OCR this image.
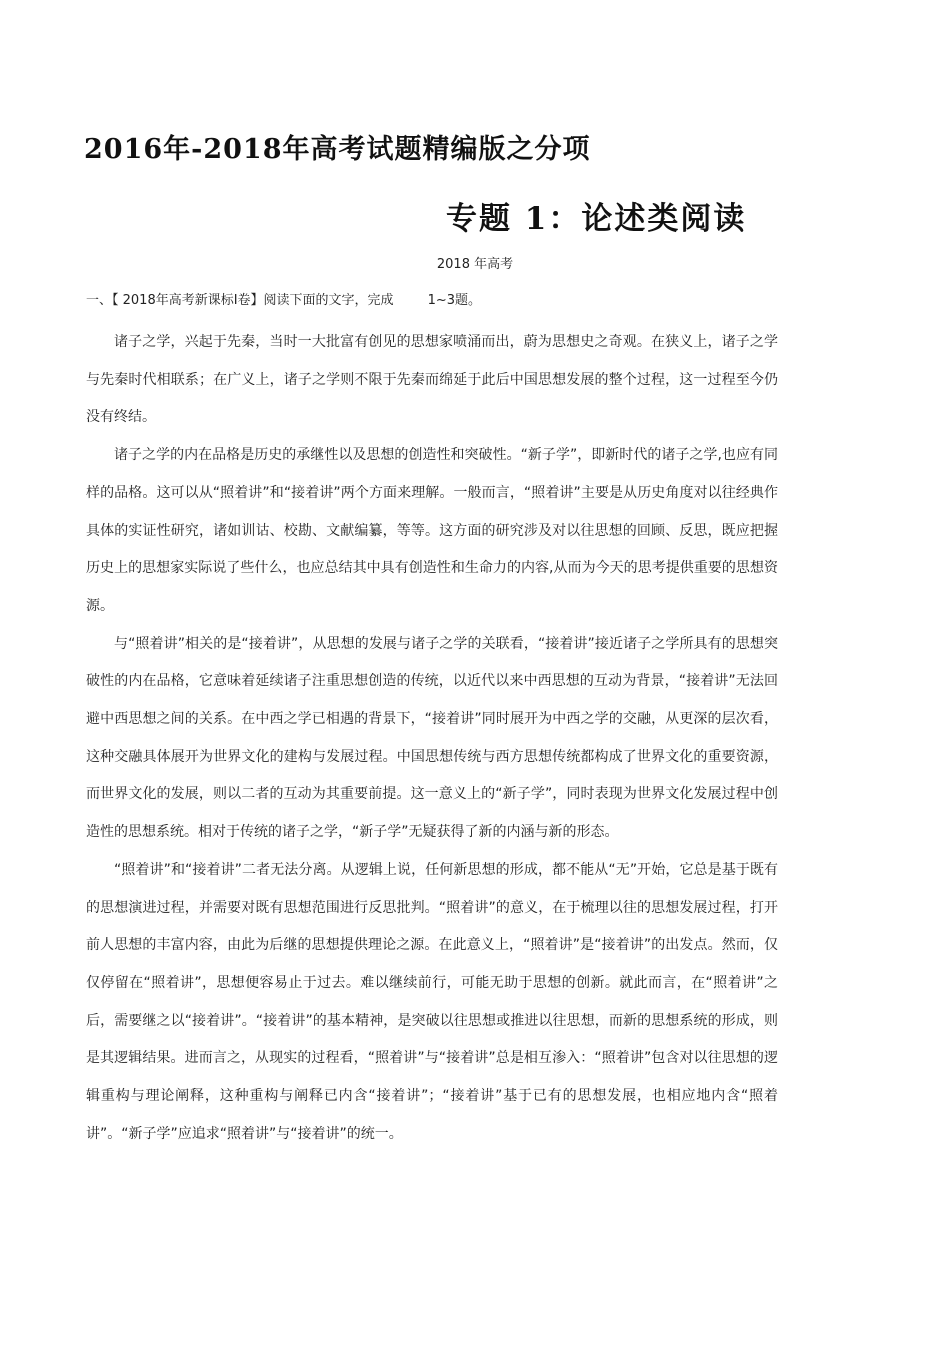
2016年-2018年高考试题精编版之分项
专题 1：论述类阅读
2018 年高考
一、【 2018年高考新课标Ⅰ卷】阅读下面的文字，完成	1~3题。

诸子之学，兴起于先秦，当时一大批富有创见的思想家喷涌而出，蔚为思想史之奇观。在狭义上，诸子之学与先秦时代相联系；在广义上，诸子之学则不限于先秦而绵延于此后中国思想发展的整个过程，这一过程至今仍没有终结。

诸子之学的内在品格是历史的承继性以及思想的创造性和突破性。“新子学”，即新时代的诸子之学,也应有同样的品格。这可以从“照着讲”和“接着讲”两个方面来理解。一般而言，“照着讲”主要是从历史角度对以往经典作具体的实证性研究，诸如训诂、校勘、文献编纂，等等。这方面的研究涉及对以往思想的回顾、反思，既应把握历史上的思想家实际说了些什么，也应总结其中具有创造性和生命力的内容,从而为今天的思考提供重要的思想资源。

与“照着讲”相关的是“接着讲”，从思想的发展与诸子之学的关联看，“接着讲”接近诸子之学所具有的思想突破性的内在品格，它意味着延续诸子注重思想创造的传统，以近代以来中西思想的互动为背景，“接着讲”无法回避中西思想之间的关系。在中西之学已相遇的背景下，“接着讲”同时展开为中西之学的交融，从更深的层次看，这种交融具体展开为世界文化的建构与发展过程。中国思想传统与西方思想传统都构成了世界文化的重要资源，而世界文化的发展，则以二者的互动为其重要前提。这一意义上的“新子学”，同时表现为世界文化发展过程中创造性的思想系统。相对于传统的诸子之学，“新子学”无疑获得了新的内涵与新的形态。

“照着讲”和“接着讲”二者无法分离。从逻辑上说，任何新思想的形成，都不能从“无”开始，它总是基于既有的思想演进过程，并需要对既有思想范围进行反思批判。“照着讲”的意义，在于梳理以往的思想发展过程，打开前人思想的丰富内容，由此为后继的思想提供理论之源。在此意义上，“照着讲”是“接着讲”的出发点。然而，仅仅停留在“照着讲”，思想便容易止于过去。难以继续前行，可能无助于思想的创新。就此而言，在“照着讲”之后，需要继之以“接着讲”。“接着讲”的基本精神，是突破以往思想或推进以往思想，而新的思想系统的形成，则是其逻辑结果。进而言之，从现实的过程看，“照着讲”与“接着讲”总是相互渗入：“照着讲”包含对以往思想的逻辑重构与理论阐释，这种重构与阐释已内含“接着讲”；“接着讲”基于已有的思想发展，也相应地内含“照着讲”。“新子学”应追求“照着讲”与“接着讲”的统一。
